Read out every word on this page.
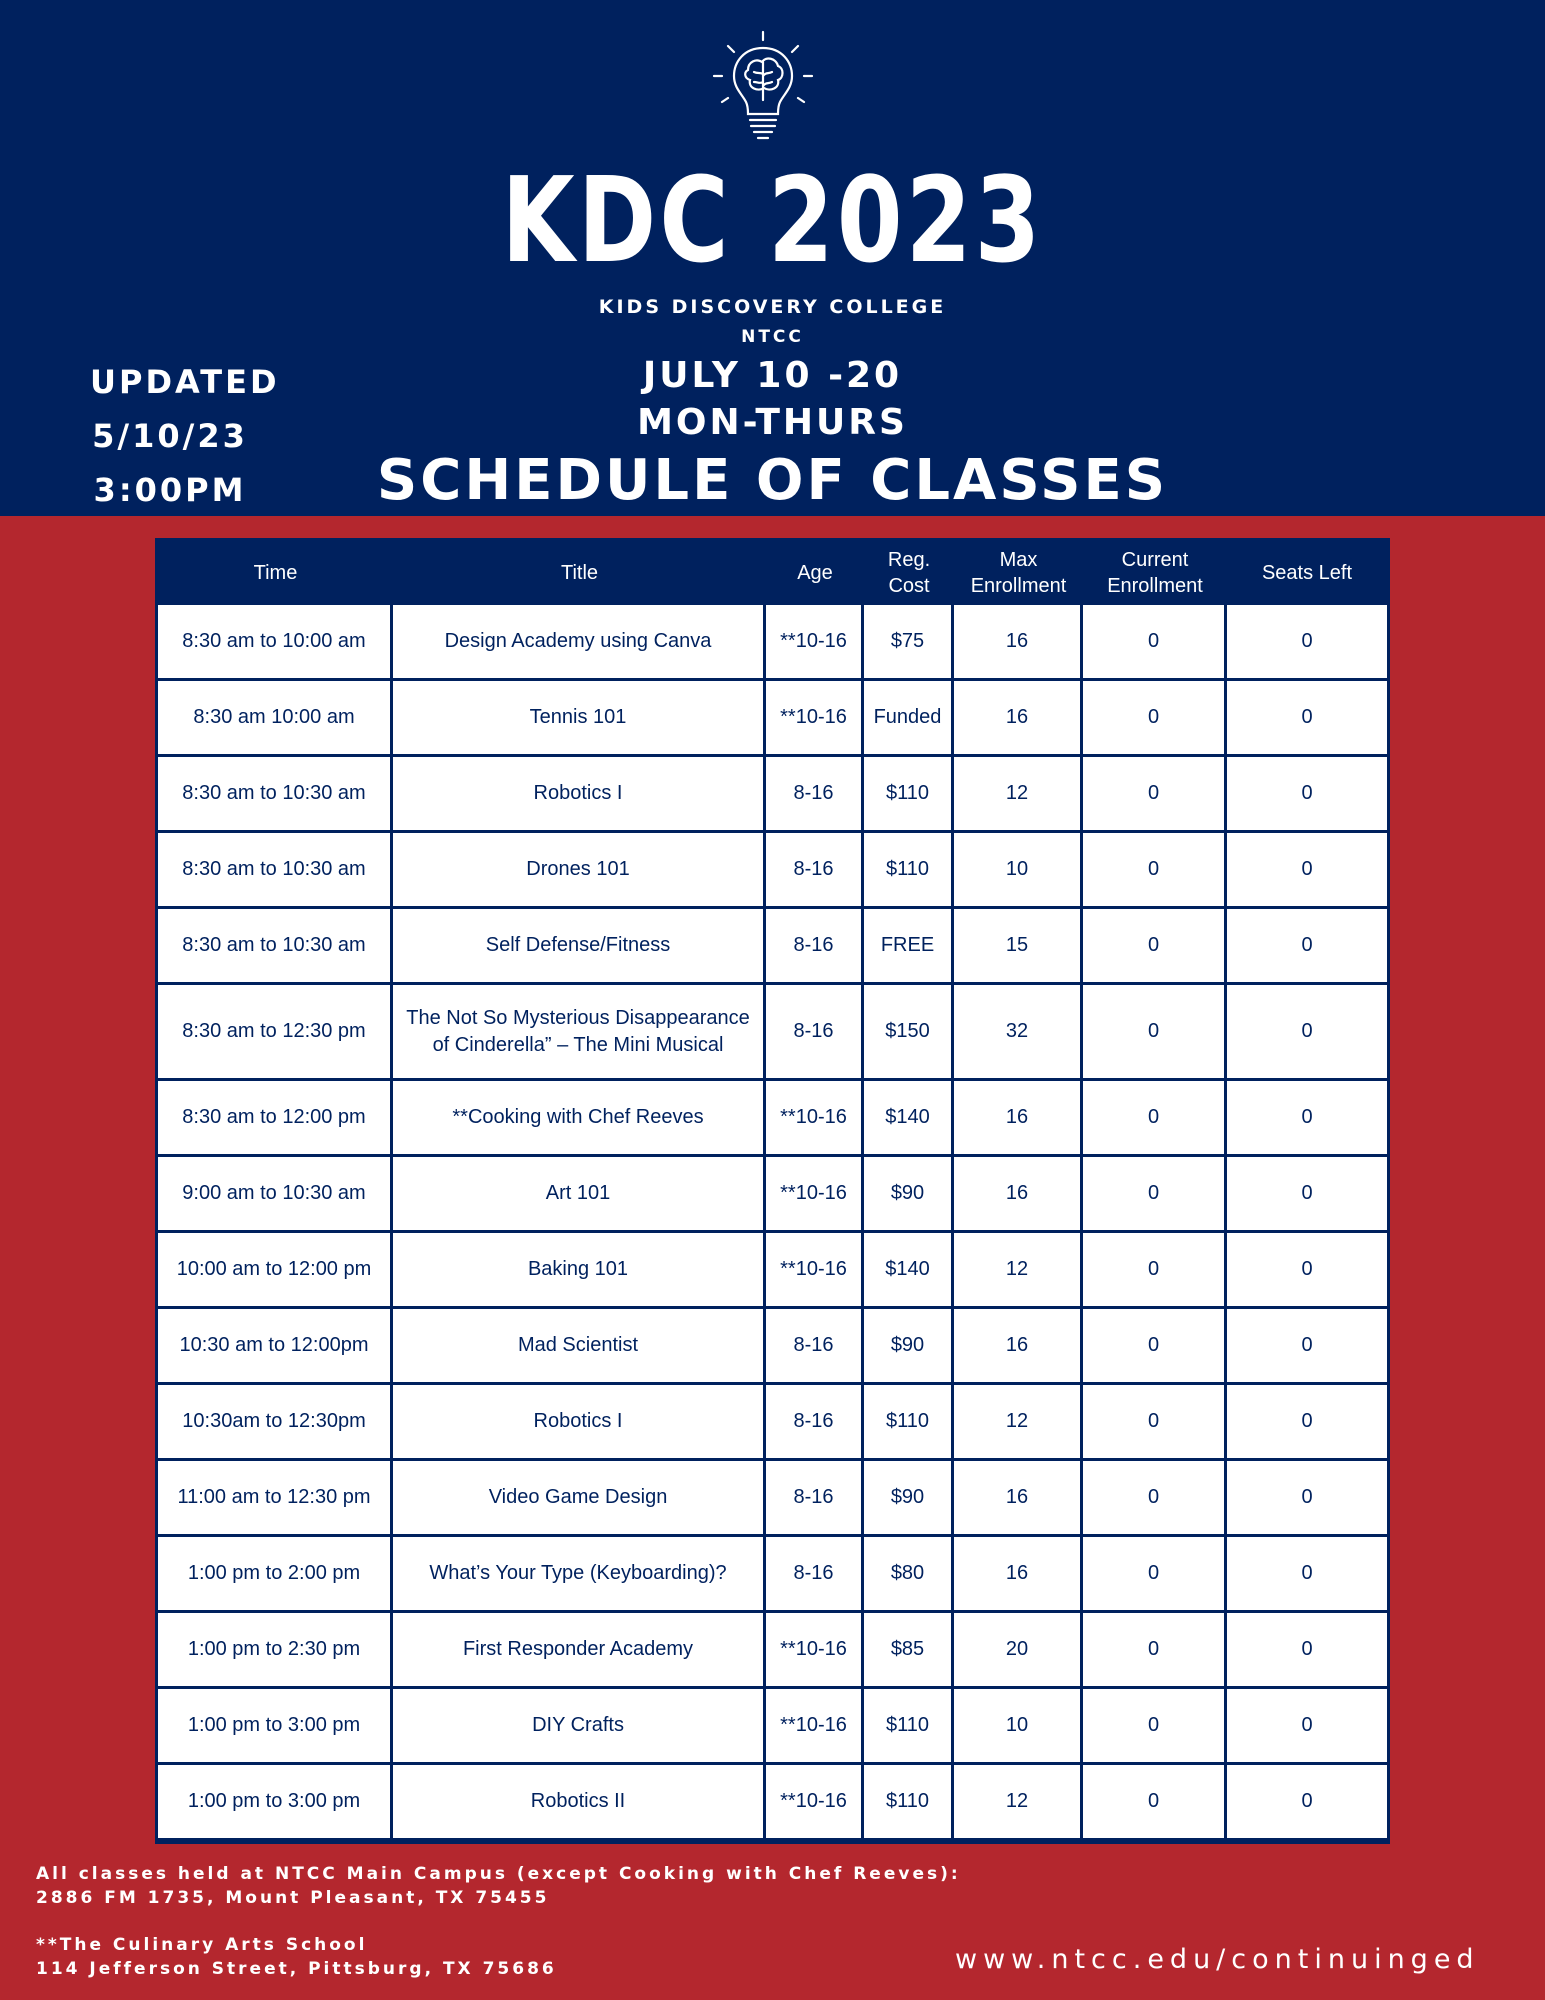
KDC 2023
KIDS DISCOVERY COLLEGE
NTCC
JULY 10 -20
MON-THURS
SCHEDULE OF CLASSES
UPDATED
5/10/23
3:00PM
Time	Title	Age	Reg. Cost	Max Enrollment	Current Enrollment	Seats Left
8:30 am to 10:00 am	Design Academy using Canva	**10-16	$75	16	0	0
8:30 am 10:00 am	Tennis 101	**10-16	Funded	16	0	0
8:30 am to 10:30 am	Robotics I	8-16	$110	12	0	0
8:30 am to 10:30 am	Drones 101	8-16	$110	10	0	0
8:30 am to 10:30 am	Self Defense/Fitness	8-16	FREE	15	0	0
8:30 am to 12:30 pm	The Not So Mysterious Disappearance of Cinderella” – The Mini Musical	8-16	$150	32	0	0
8:30 am to 12:00 pm	**Cooking with Chef Reeves	**10-16	$140	16	0	0
9:00 am to 10:30 am	Art 101	**10-16	$90	16	0	0
10:00 am to 12:00 pm	Baking 101	**10-16	$140	12	0	0
10:30 am to 12:00pm	Mad Scientist	8-16	$90	16	0	0
10:30am to 12:30pm	Robotics I	8-16	$110	12	0	0
11:00 am to 12:30 pm	Video Game Design	8-16	$90	16	0	0
1:00 pm to 2:00 pm	What’s Your Type (Keyboarding)?	8-16	$80	16	0	0
1:00 pm to 2:30 pm	First Responder Academy	**10-16	$85	20	0	0
1:00 pm to 3:00 pm	DIY Crafts	**10-16	$110	10	0	0
1:00 pm to 3:00 pm	Robotics II	**10-16	$110	12	0	0
All classes held at NTCC Main Campus (except Cooking with Chef Reeves):
2886 FM 1735, Mount Pleasant, TX 75455
**The Culinary Arts School
114 Jefferson Street, Pittsburg, TX 75686	www.ntcc.edu/continuinged
